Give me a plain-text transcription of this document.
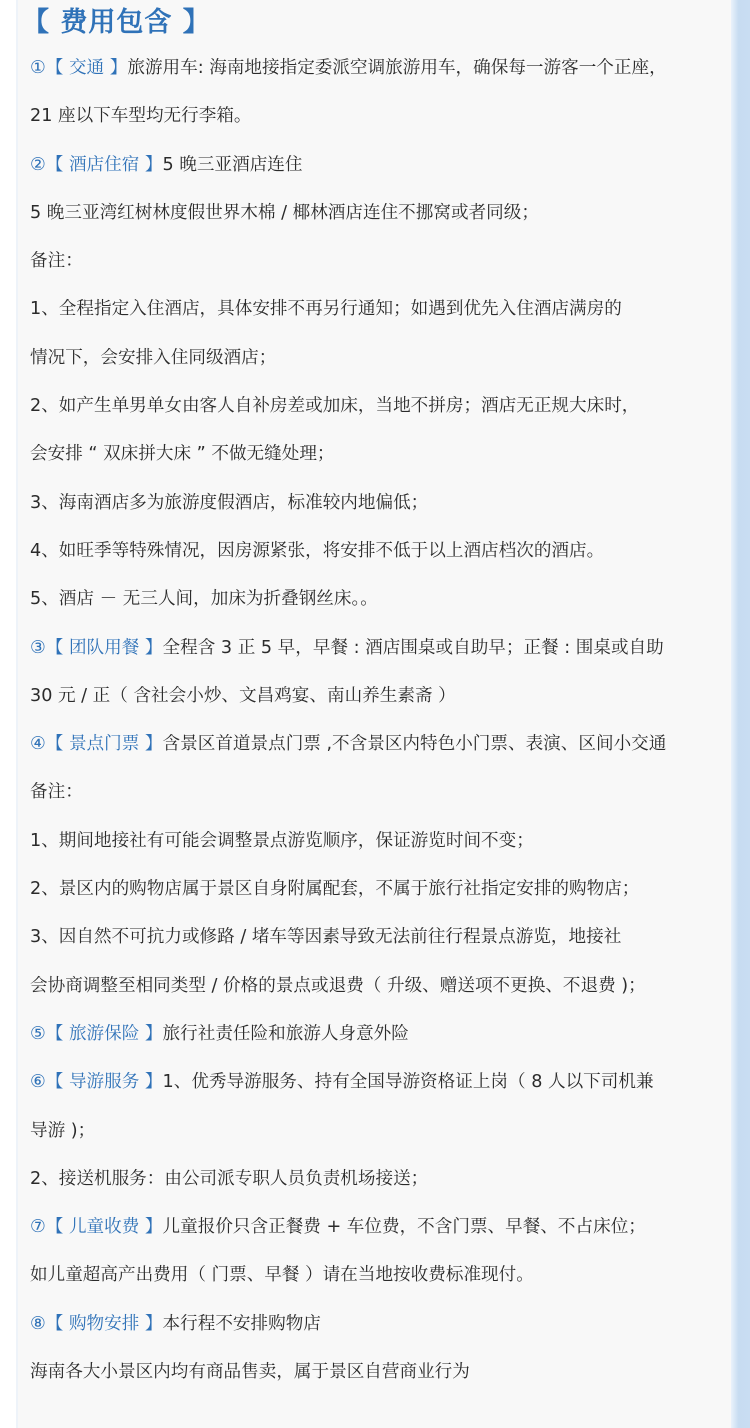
【 费用包含 】
①【 交通 】旅游用车: 海南地接指定委派空调旅游用车，确保每一游客一个正座，
21 座以下车型均无行李箱。
②【 酒店住宿 】5 晚三亚酒店连住
5 晚三亚湾红树林度假世界木棉 / 椰林酒店连住不挪窝或者同级；
备注：
1、全程指定入住酒店，具体安排不再另行通知；如遇到优先入住酒店满房的
情况下，会安排入住同级酒店；
2、如产生单男单女由客人自补房差或加床，当地不拼房；酒店无正规大床时，
会安排 “ 双床拼大床 ” 不做无缝处理；
3、海南酒店多为旅游度假酒店，标准较内地偏低；
4、如旺季等特殊情况，因房源紧张，将安排不低于以上酒店档次的酒店。
5、酒店 － 无三人间，加床为折叠钢丝床。。
③【 团队用餐 】全程含 3 正 5 早，早餐 : 酒店围桌或自助早；正餐 : 围桌或自助
30 元 / 正（ 含社会小炒、文昌鸡宴、南山养生素斋 ）
④【 景点门票 】含景区首道景点门票 ,不含景区内特色小门票、表演、区间小交通
备注：
1、期间地接社有可能会调整景点游览顺序，保证游览时间不变；
2、景区内的购物店属于景区自身附属配套，不属于旅行社指定安排的购物店；
3、因自然不可抗力或修路 / 堵车等因素导致无法前往行程景点游览，地接社
会协商调整至相同类型 / 价格的景点或退费（ 升级、赠送项不更换、不退费 )；
⑤【 旅游保险 】旅行社责任险和旅游人身意外险
⑥【 导游服务 】1、优秀导游服务、持有全国导游资格证上岗（ 8 人以下司机兼
导游 )；
2、接送机服务：由公司派专职人员负责机场接送；
⑦【 儿童收费 】儿童报价只含正餐费 + 车位费，不含门票、早餐、不占床位；
如儿童超高产出费用（ 门票、早餐 ）请在当地按收费标准现付。
⑧【 购物安排 】本行程不安排购物店
海南各大小景区内均有商品售卖，属于景区自营商业行为
